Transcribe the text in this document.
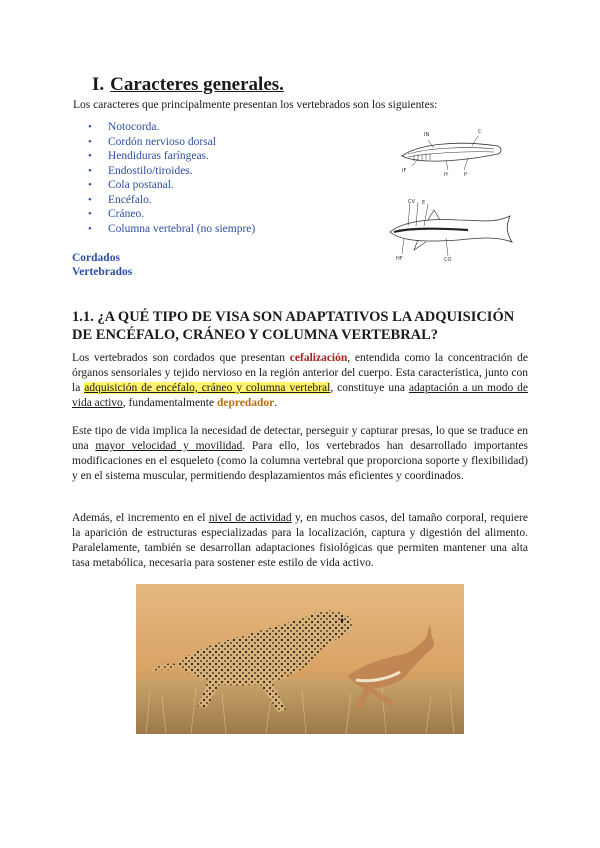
I. Caracteres generales.
Los caracteres que principalmente presentan los vertebrados son los siguientes:
• Notocorda.
• Cordón nervioso dorsal
• Hendiduras faríngeas.
• Endostilo/tiroides.
• Cola postanal.
• Encéfalo.
• Cráneo.
• Columna vertebral (no siempre)
IN	C
IF
H	P
CV E
HF	CO
Cordados
Vertebrados
1.1. ¿A QUÉ TIPO DE VISA SON ADAPTATIVOS LA ADQUISICIÓN DE ENCÉFALO, CRÁNEO Y COLUMNA VERTEBRAL?
Los vertebrados son cordados que presentan cefalización, entendida como la concentración de órganos sensoriales y tejido nervioso en la región anterior del cuerpo. Esta característica, junto con la adquisición de encéfalo, cráneo y columna vertebral, constituye una adaptación a un modo de vida activo, fundamentalmente depredador.
Este tipo de vida implica la necesidad de detectar, perseguir y capturar presas, lo que se traduce en una mayor velocidad y movilidad. Para ello, los vertebrados han desarrollado importantes modificaciones en el esqueleto (como la columna vertebral que proporciona soporte y flexibilidad) y en el sistema muscular, permitiendo desplazamientos más eficientes y coordinados.
Además, el incremento en el nivel de actividad y, en muchos casos, del tamaño corporal, requiere la aparición de estructuras especializadas para la localización, captura y digestión del alimento. Paralelamente, también se desarrollan adaptaciones fisiológicas que permiten mantener una alta tasa metabólica, necesaria para sostener este estilo de vida activo.
